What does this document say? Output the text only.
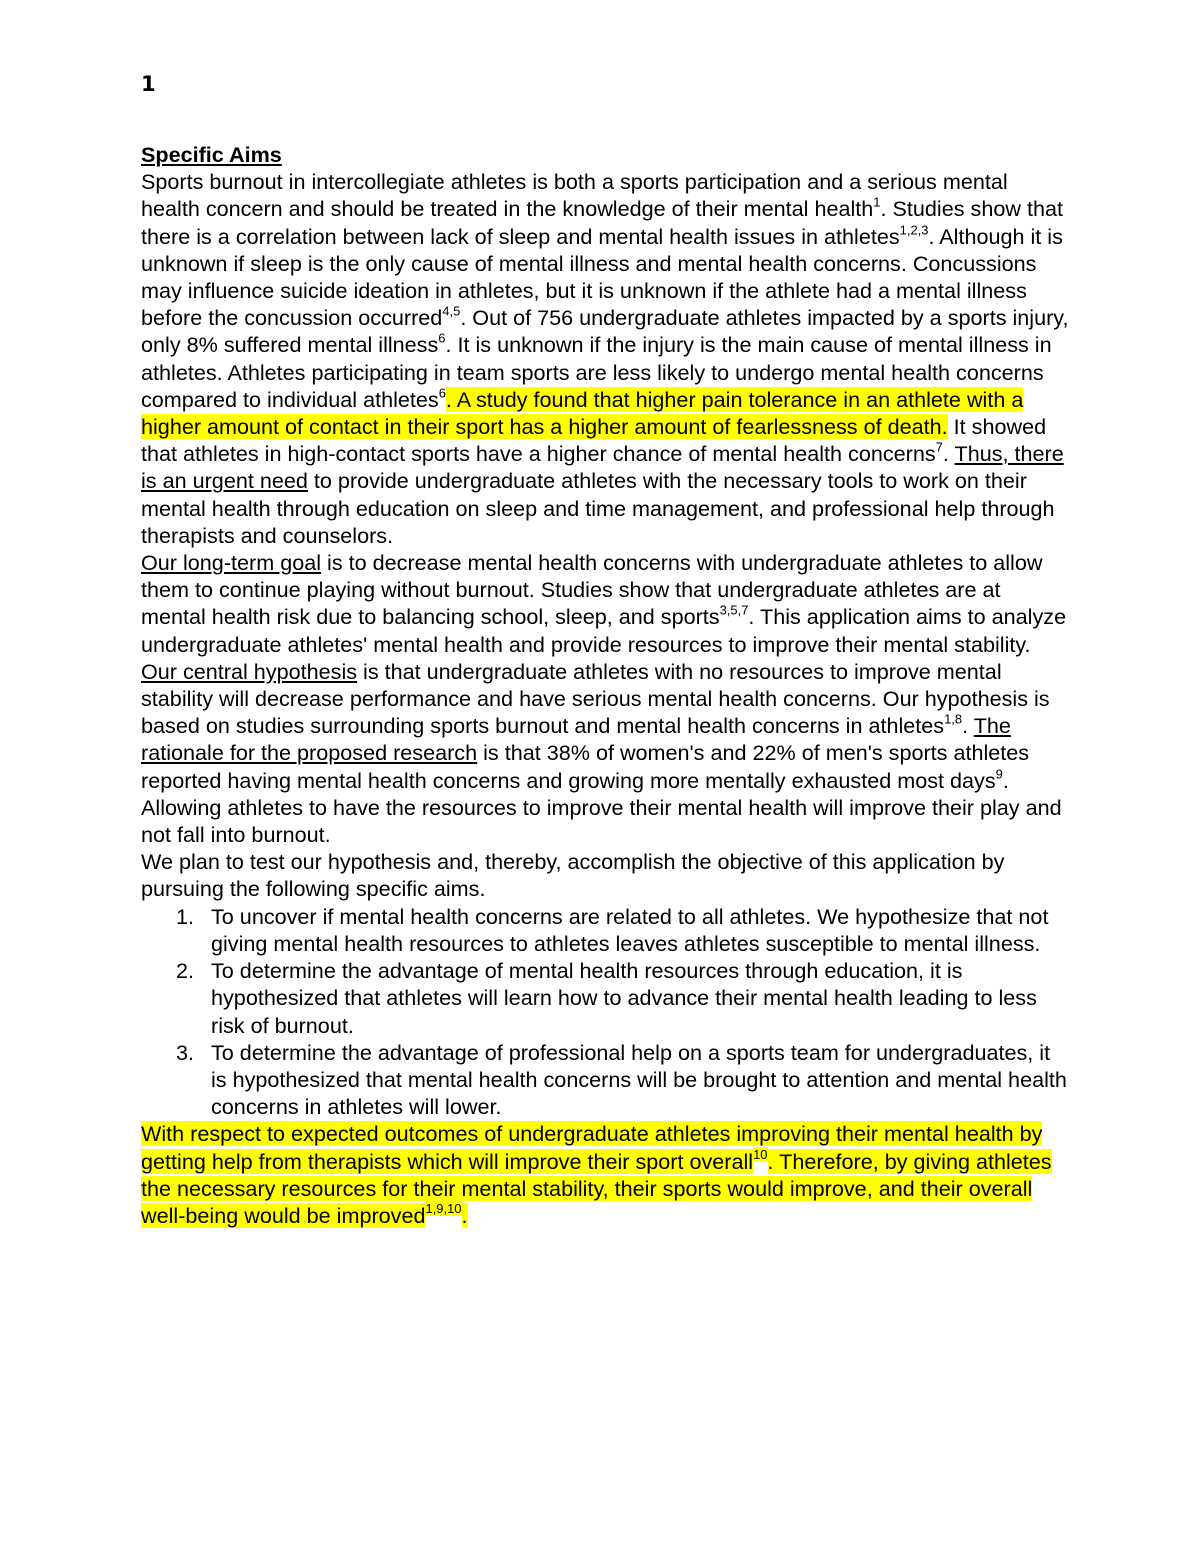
1

Specific Aims

Sports burnout in intercollegiate athletes is both a sports participation and a serious mental health concern and should be treated in the knowledge of their mental health$^1$. Studies show that there is a correlation between lack of sleep and mental health issues in athletes$^{1,2,3}$. Although it is unknown if sleep is the only cause of mental illness and mental health concerns. Concussions may influence suicide ideation in athletes, but it is unknown if the athlete had a mental illness before the concussion occurred$^{4,5}$. Out of 756 undergraduate athletes impacted by a sports injury, only 8% suffered mental illness$^6$. It is unknown if the injury is the main cause of mental illness in athletes. Athletes participating in team sports are less likely to undergo mental health concerns compared to individual athletes$^6$. A study found that higher pain tolerance in an athlete with a higher amount of contact in their sport has a higher amount of fearlessness of death. It showed that athletes in high-contact sports have a higher chance of mental health concerns$^7$. Thus, there is an urgent need to provide undergraduate athletes with the necessary tools to work on their mental health through education on sleep and time management, and professional help through therapists and counselors.

Our long-term goal is to decrease mental health concerns with undergraduate athletes to allow them to continue playing without burnout. Studies show that undergraduate athletes are at mental health risk due to balancing school, sleep, and sports$^{3,5,7}$. This application aims to analyze undergraduate athletes' mental health and provide resources to improve their mental stability. Our central hypothesis is that undergraduate athletes with no resources to improve mental stability will decrease performance and have serious mental health concerns. Our hypothesis is based on studies surrounding sports burnout and mental health concerns in athletes$^{1,8}$. The rationale for the proposed research is that 38% of women's and 22% of men's sports athletes reported having mental health concerns and growing more mentally exhausted most days$^9$. Allowing athletes to have the resources to improve their mental health will improve their play and not fall into burnout.

We plan to test our hypothesis and, thereby, accomplish the objective of this application by pursuing the following specific aims.

1. To uncover if mental health concerns are related to all athletes. We hypothesize that not giving mental health resources to athletes leaves athletes susceptible to mental illness.
2. To determine the advantage of mental health resources through education, it is hypothesized that athletes will learn how to advance their mental health leading to less risk of burnout.
3. To determine the advantage of professional help on a sports team for undergraduates, it is hypothesized that mental health concerns will be brought to attention and mental health concerns in athletes will lower.

With respect to expected outcomes of undergraduate athletes improving their mental health by getting help from therapists which will improve their sport overall$^{10}$. Therefore, by giving athletes the necessary resources for their mental stability, their sports would improve, and their overall well-being would be improved$^{1,9,10}$.
